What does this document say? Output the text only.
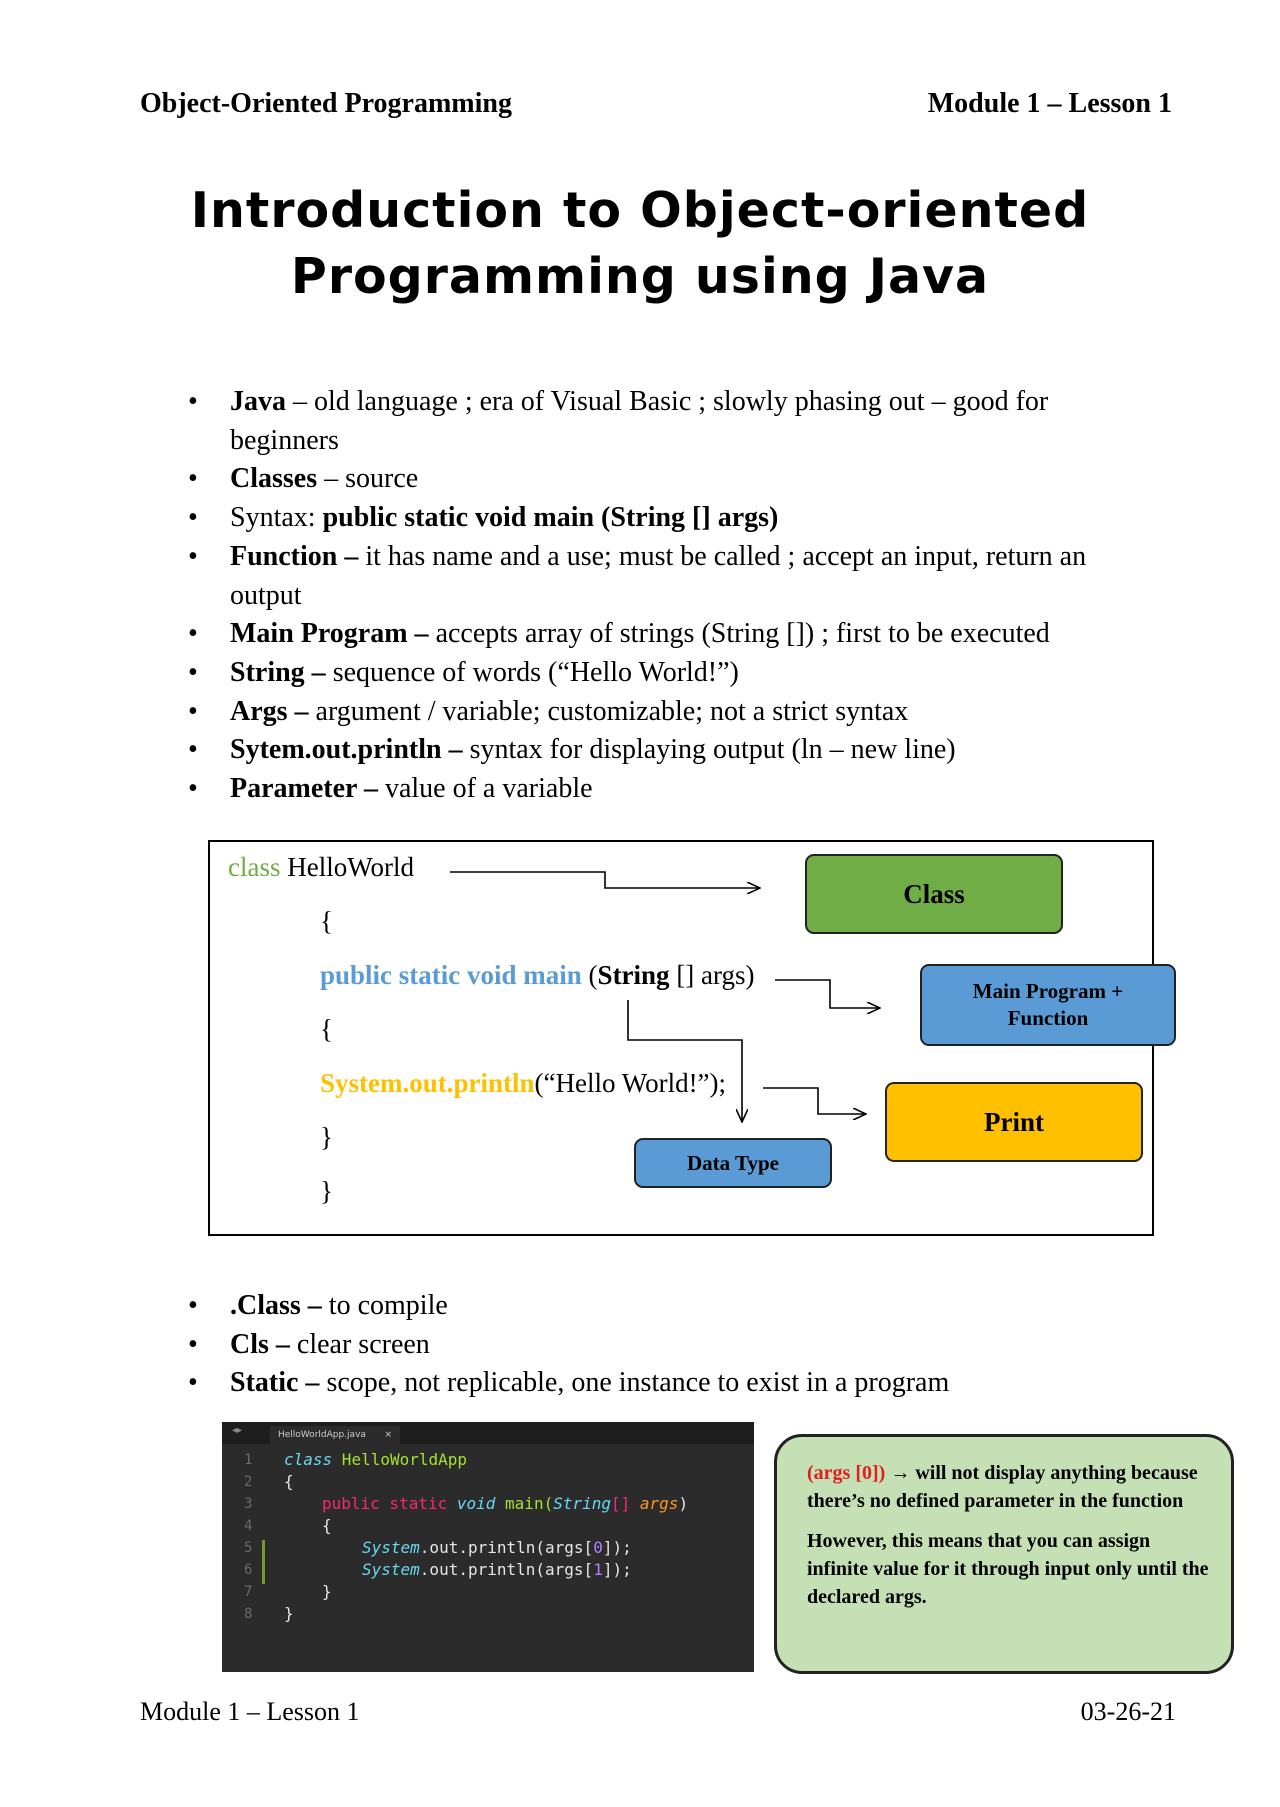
Object-Oriented Programming	Module 1 – Lesson 1
Introduction to Object-oriented
Programming using Java
• Java – old language ; era of Visual Basic ; slowly phasing out – good for beginners
• Classes – source
• Syntax: public static void main (String [] args)
• Function – it has name and a use; must be called ; accept an input, return an output
• Main Program – accepts array of strings (String []) ; first to be executed
• String – sequence of words (“Hello World!”)
• Args – argument / variable; customizable; not a strict syntax
• Sytem.out.println – syntax for displaying output (ln – new line)
• Parameter – value of a variable
class HelloWorld
{
public static void main (String [] args)
{
System.out.println(“Hello World!”);
}
}
Class
Main Program +
Function
Print
Data Type
• .Class – to compile
• Cls – clear screen
• Static – scope, not replicable, one instance to exist in a program
◂▸	HelloWorldApp.java ×
1
2
3
4
5
6
7
8
class HelloWorldApp
{
public static void main(String[] args)
{
System.out.println(args[0]);
System.out.println(args[1]);
}
}

(args [0]) → will not display anything because there’s no defined parameter in the function

However, this means that you can assign infinite value for it through input only until the declared args.

Module 1 – Lesson 1	03-26-21
